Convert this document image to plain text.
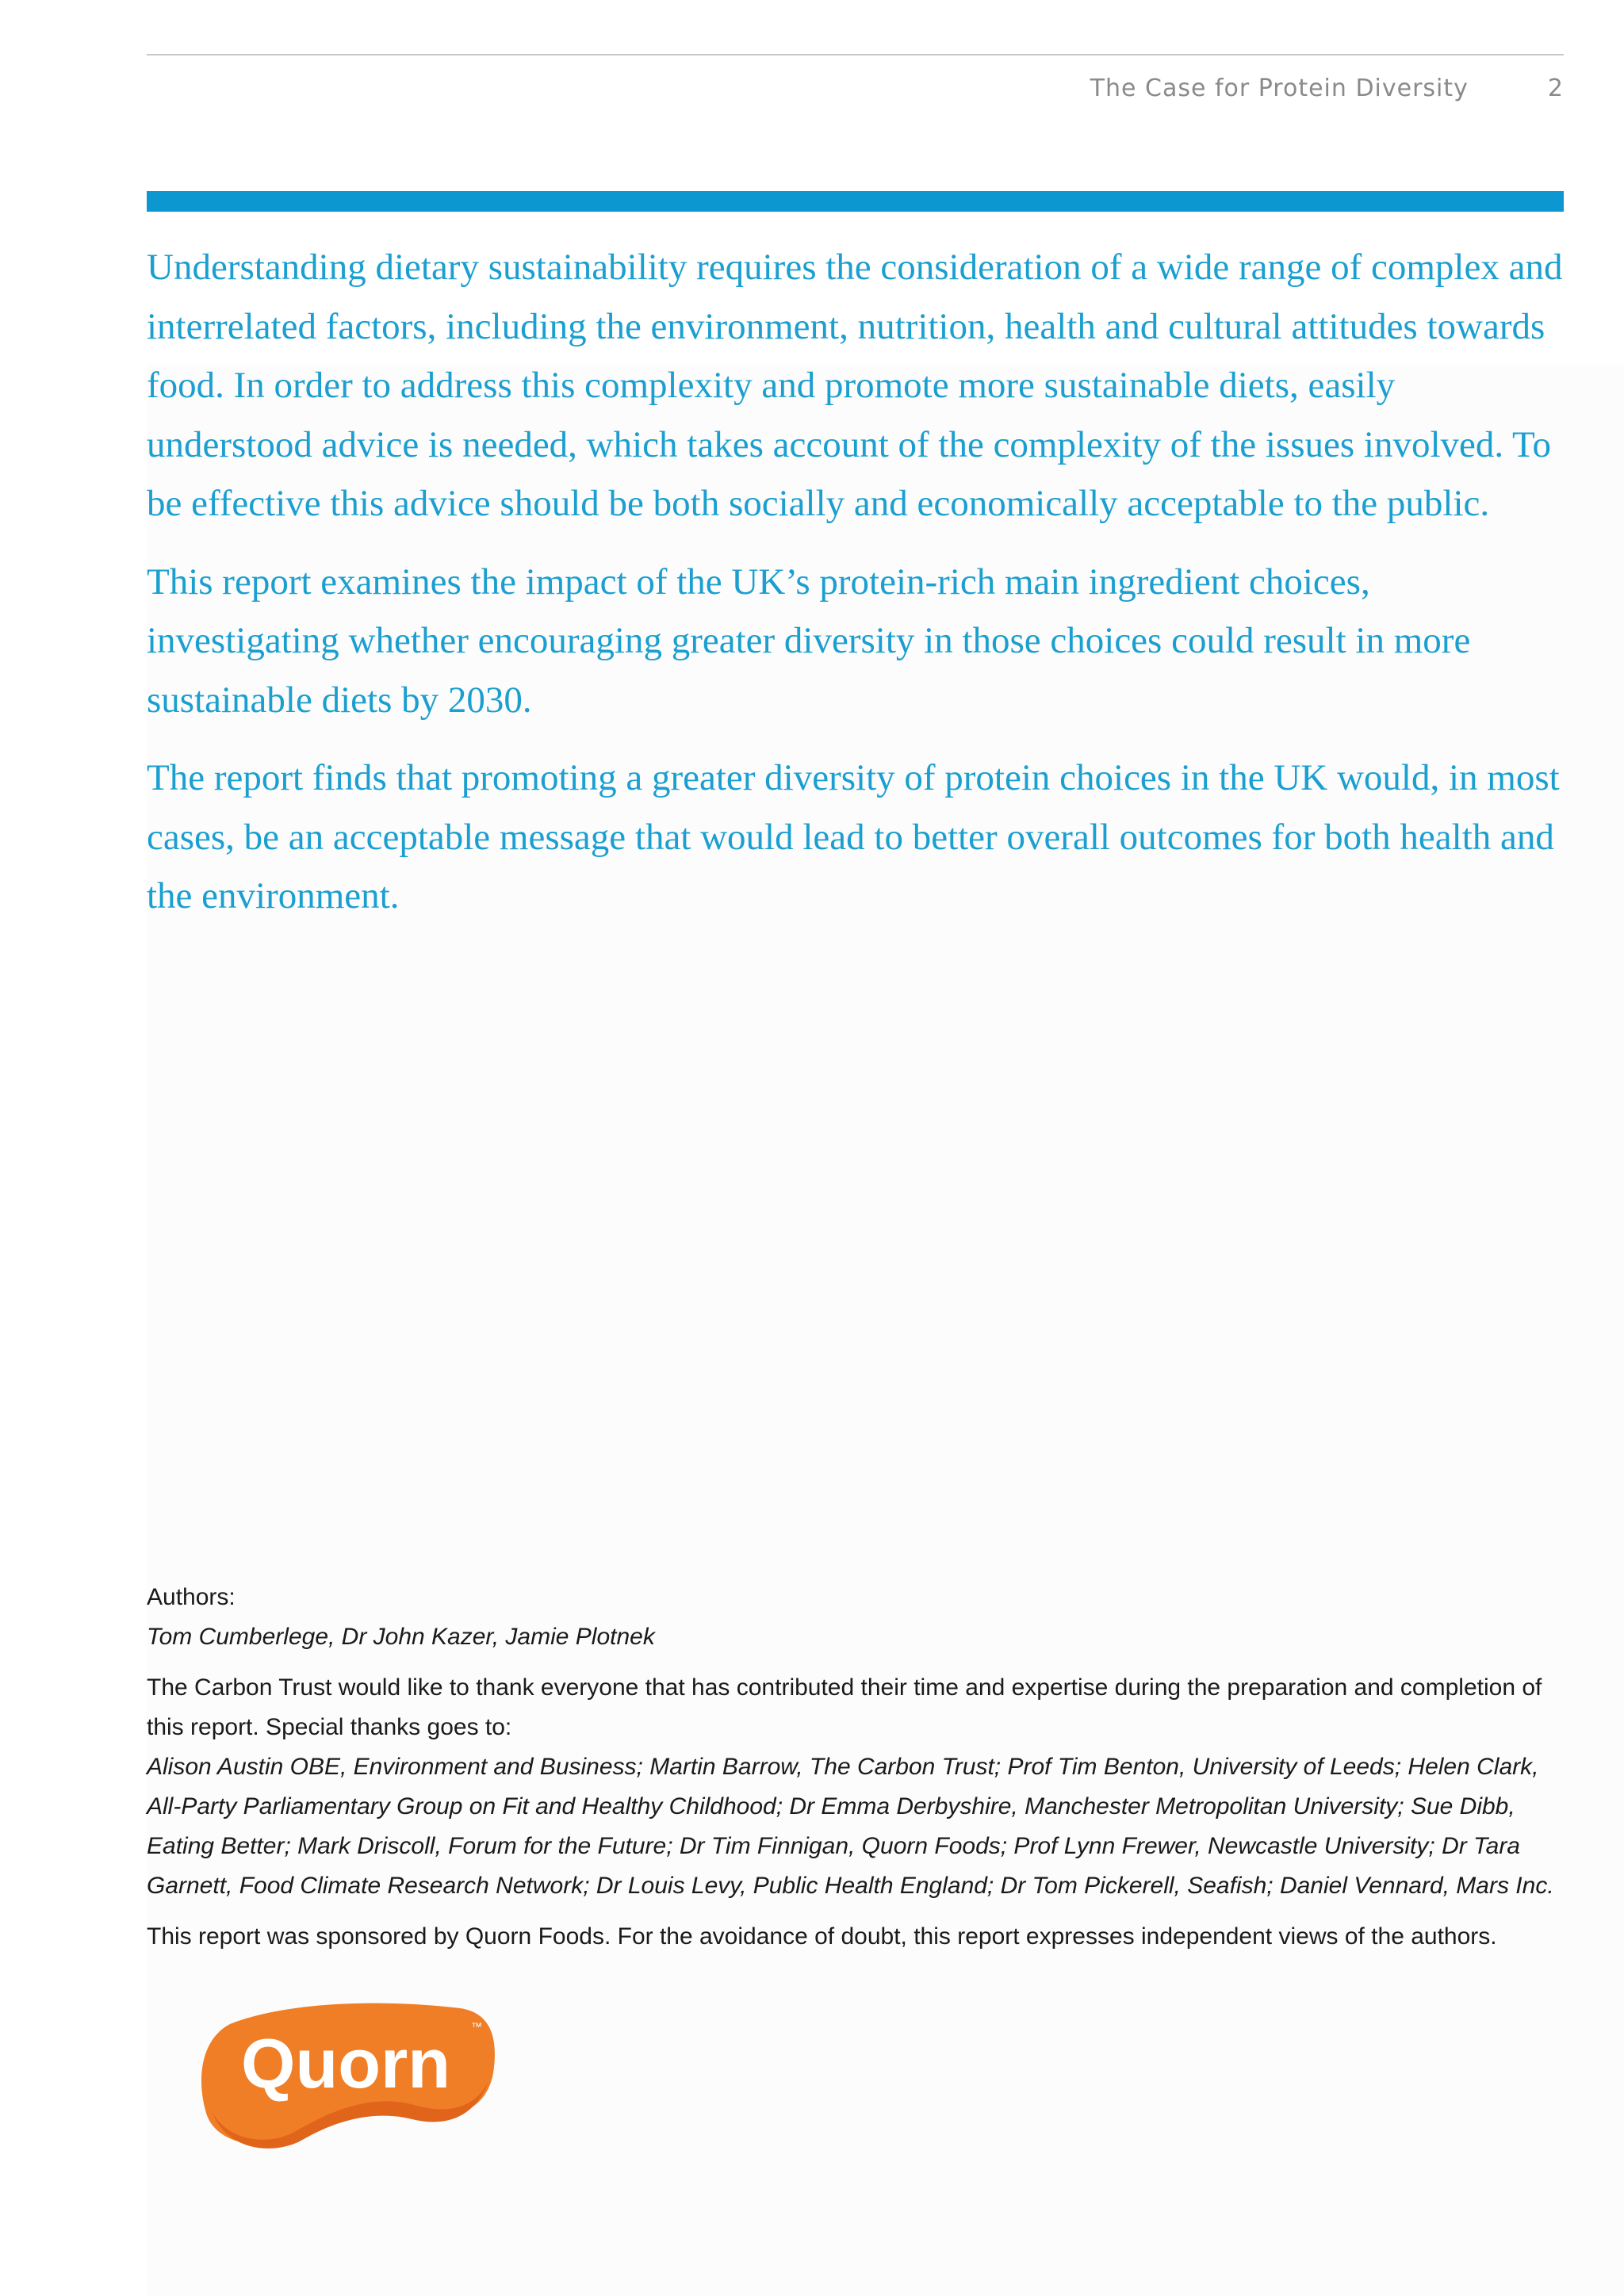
The Case for Protein Diversity	2

Understanding dietary sustainability requires the consideration of a wide range of complex and interrelated factors, including the environment, nutrition, health and cultural attitudes towards food. In order to address this complexity and promote more sustainable diets, easily understood advice is needed, which takes account of the complexity of the issues involved. To be effective this advice should be both socially and economically acceptable to the public.

This report examines the impact of the UK’s protein-rich main ingredient choices, investigating whether encouraging greater diversity in those choices could result in more sustainable diets by 2030.

The report finds that promoting a greater diversity of protein choices in the UK would, in most cases, be an acceptable message that would lead to better overall outcomes for both health and the environment.

Authors:

Tom Cumberlege, Dr John Kazer, Jamie Plotnek

The Carbon Trust would like to thank everyone that has contributed their time and expertise during the preparation and completion of this report. Special thanks goes to:

Alison Austin OBE, Environment and Business; Martin Barrow, The Carbon Trust; Prof Tim Benton, University of Leeds; Helen Clark, All-Party Parliamentary Group on Fit and Healthy Childhood; Dr Emma Derbyshire, Manchester Metropolitan University; Sue Dibb, Eating Better; Mark Driscoll, Forum for the Future; Dr Tim Finnigan, Quorn Foods; Prof Lynn Frewer, Newcastle University; Dr Tara Garnett, Food Climate Research Network; Dr Louis Levy, Public Health England; Dr Tom Pickerell, Seafish; Daniel Vennard, Mars Inc.

This report was sponsored by Quorn Foods. For the avoidance of doubt, this report expresses independent views of the authors.

Quorn ™
